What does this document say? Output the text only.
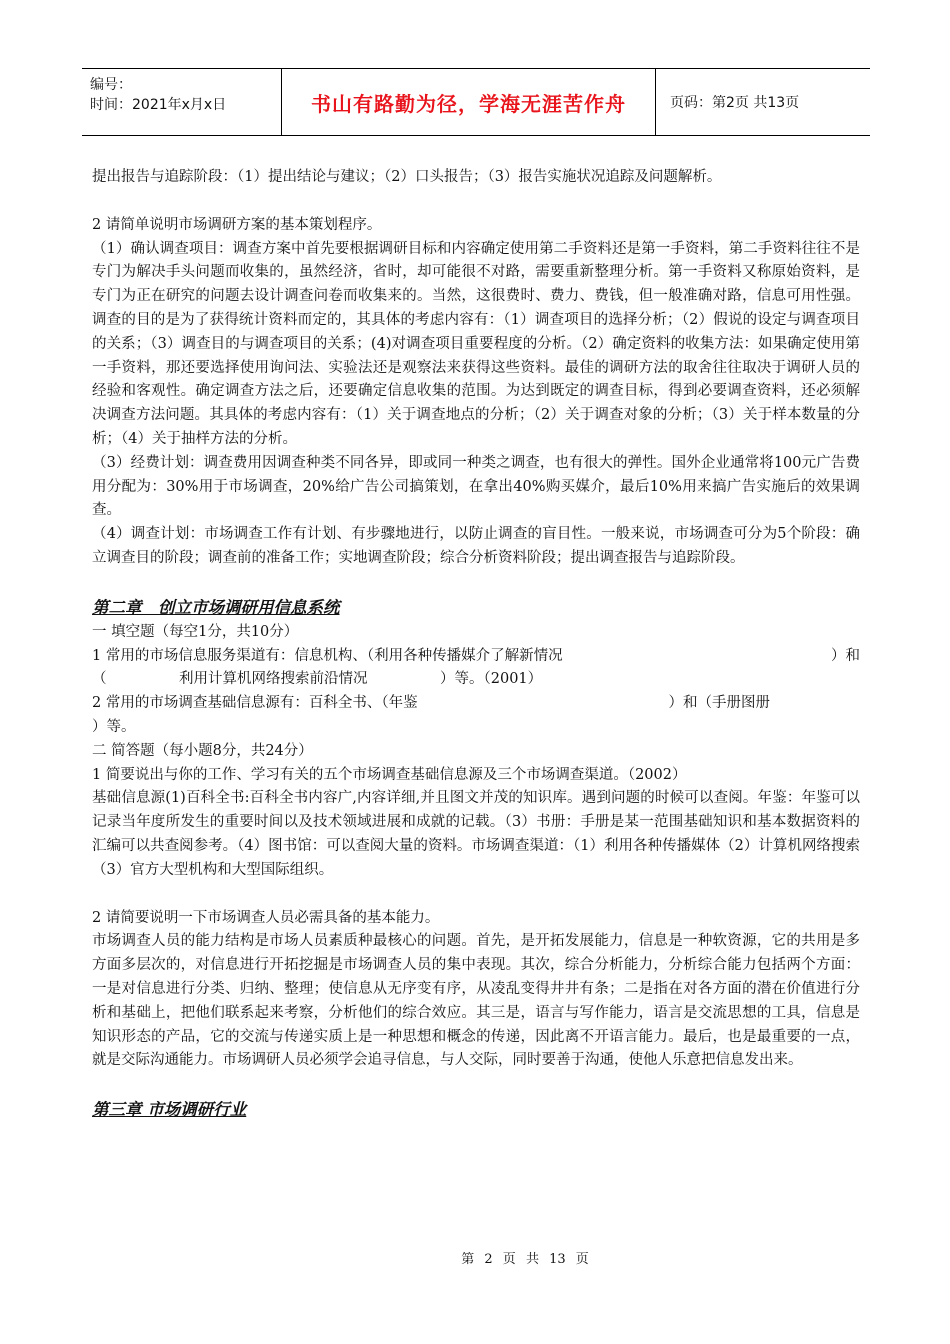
编号：
时间：2021年x月x日	书山有路勤为径，学海无涯苦作舟	页码：第2页 共13页

提出报告与追踪阶段：（1）提出结论与建议；（2）口头报告；（3）报告实施状况追踪及问题解析。

2 请简单说明市场调研方案的基本策划程序。

（1）确认调查项目：调查方案中首先要根据调研目标和内容确定使用第二手资料还是第一手资料，第二手资料往往不是专门为解决手头问题而收集的，虽然经济，省时，却可能很不对路，需要重新整理分析。第一手资料又称原始资料，是专门为正在研究的问题去设计调查问卷而收集来的。当然，这很费时、费力、费钱，但一般准确对路，信息可用性强。调查的目的是为了获得统计资料而定的，其具体的考虑内容有：（1）调查项目的选择分析；（2）假说的设定与调查项目的关系；（3）调查目的与调查项目的关系；(4)对调查项目重要程度的分析。（2）确定资料的收集方法：如果确定使用第一手资料，那还要选择使用询问法、实验法还是观察法来获得这些资料。最佳的调研方法的取舍往往取决于调研人员的经验和客观性。确定调查方法之后，还要确定信息收集的范围。为达到既定的调查目标，得到必要调查资料，还必须解决调查方法问题。其具体的考虑内容有：（1）关于调查地点的分析；（2）关于调查对象的分析；（3）关于样本数量的分析；（4）关于抽样方法的分析。

（3）经费计划：调查费用因调查种类不同各异，即或同一种类之调查，也有很大的弹性。国外企业通常将100元广告费用分配为：30%用于市场调查，20%给广告公司搞策划，在拿出40%购买媒介，最后10%用来搞广告实施后的效果调查。

（4）调查计划：市场调查工作有计划、有步骤地进行，以防止调查的盲目性。一般来说，市场调查可分为5个阶段：确立调查目的阶段；调查前的准备工作；实地调查阶段；综合分析资料阶段；提出调查报告与追踪阶段。

第二章　创立市场调研用信息系统

一 填空题（每空1分，共10分）

1 常用的市场信息服务渠道有：信息机构、（利用各种传播媒介了解新情况	）和

（　　　　　利用计算机网络搜索前沿情况　　　　　）等。（2001）

2 常用的市场调查基础信息源有：百科全书、（年鉴	）和（手册图册

）等。

二 简答题（每小题8分，共24分）

1 简要说出与你的工作、学习有关的五个市场调查基础信息源及三个市场调查渠道。（2002）

基础信息源(1)百科全书:百科全书内容广,内容详细,并且图文并茂的知识库。遇到问题的时候可以查阅。年鉴：年鉴可以记录当年度所发生的重要时间以及技术领域进展和成就的记载。（3）书册：手册是某一范围基础知识和基本数据资料的汇编可以共查阅参考。（4）图书馆：可以查阅大量的资料。市场调查渠道：（1）利用各种传播媒体（2）计算机网络搜索（3）官方大型机构和大型国际组织。

2 请简要说明一下市场调查人员必需具备的基本能力。

市场调查人员的能力结构是市场人员素质种最核心的问题。首先，是开拓发展能力，信息是一种软资源，它的共用是多方面多层次的，对信息进行开拓挖掘是市场调查人员的集中表现。其次，综合分析能力，分析综合能力包括两个方面：一是对信息进行分类、归纳、整理；使信息从无序变有序，从凌乱变得井井有条；二是指在对各方面的潜在价值进行分析和基础上，把他们联系起来考察，分析他们的综合效应。其三是，语言与写作能力，语言是交流思想的工具，信息是知识形态的产品，它的交流与传递实质上是一种思想和概念的传递，因此离不开语言能力。最后，也是最重要的一点，就是交际沟通能力。市场调研人员必须学会追寻信息，与人交际，同时要善于沟通，使他人乐意把信息发出来。

第三章 市场调研行业

第 2 页 共 13 页
